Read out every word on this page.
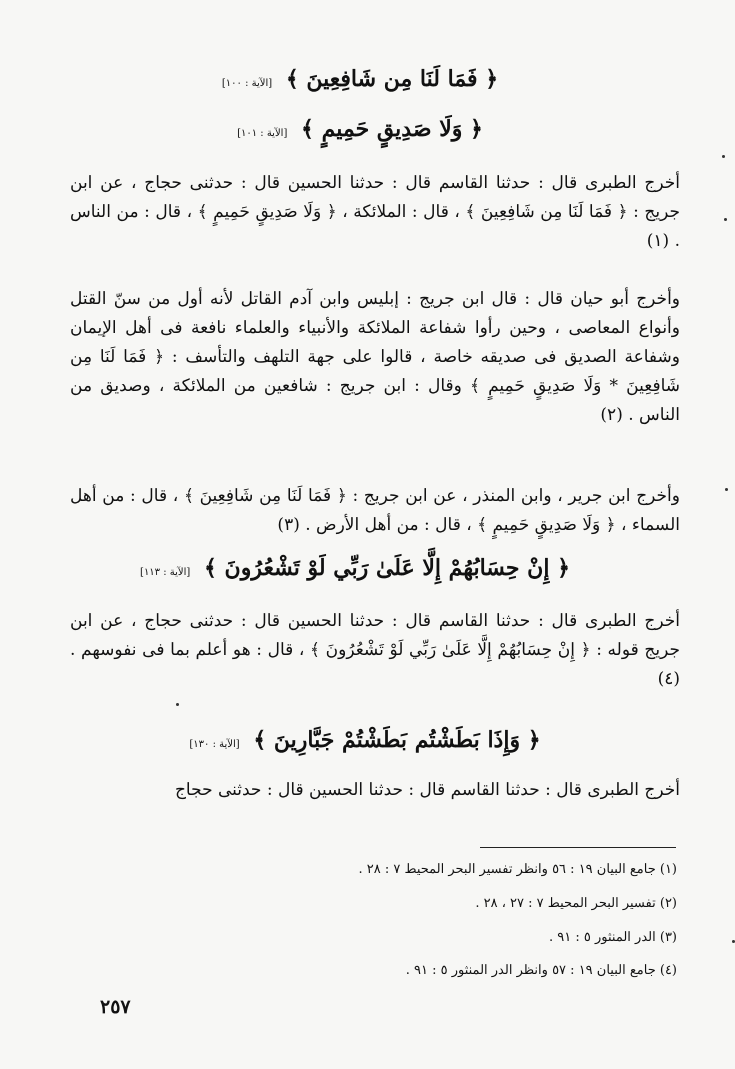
﴿ فَمَا لَنَا مِن شَافِعِينَ ﴾ [الآية : ١٠٠]
﴿ وَلَا صَدِيقٍ حَمِيمٍ ﴾ [الآية : ١٠١]

أخرج الطبرى قال : حدثنا القاسم قال : حدثنا الحسين قال : حدثنى حجاج ، عن ابن جريج : ﴿ فَمَا لَنَا مِن شَافِعِينَ ﴾ ، قال : الملائكة ، ﴿ وَلَا صَدِيقٍ حَمِيمٍ ﴾ ، قال : من الناس . (١)

وأخرج أبو حيان قال : قال ابن جريج : إبليس وابن آدم القاتل لأنه أول من سنّ القتل وأنواع المعاصى ، وحين رأوا شفاعة الملائكة والأنبياء والعلماء نافعة فى أهل الإيمان وشفاعة الصديق فى صديقه خاصة ، قالوا على جهة التلهف والتأسف : ﴿ فَمَا لَنَا مِن شَافِعِينَ * وَلَا صَدِيقٍ حَمِيمٍ ﴾ وقال : ابن جريج : شافعين من الملائكة ، وصديق من الناس . (٢)

وأخرج ابن جرير ، وابن المنذر ، عن ابن جريج : ﴿ فَمَا لَنَا مِن شَافِعِينَ ﴾ ، قال : من أهل السماء ، ﴿ وَلَا صَدِيقٍ حَمِيمٍ ﴾ ، قال : من أهل الأرض . (٣)

﴿ إِنْ حِسَابُهُمْ إِلَّا عَلَىٰ رَبِّي لَوْ تَشْعُرُونَ ﴾ [الآية : ١١٣]

أخرج الطبرى قال : حدثنا القاسم قال : حدثنا الحسين قال : حدثنى حجاج ، عن ابن جريج قوله : ﴿ إِنْ حِسَابُهُمْ إِلَّا عَلَىٰ رَبِّي لَوْ تَشْعُرُونَ ﴾ ، قال : هو أعلم بما فى نفوسهم . (٤)

﴿ وَإِذَا بَطَشْتُم بَطَشْتُمْ جَبَّارِينَ ﴾ [الآية : ١٣٠]

أخرج الطبرى قال : حدثنا القاسم قال : حدثنا الحسين قال : حدثنى حجاج

(١) جامع البيان ١٩ : ٥٦ وانظر تفسير البحر المحيط ٧ : ٢٨ .
(٢) تفسير البحر المحيط ٧ : ٢٧ ، ٢٨ .
(٣) الدر المنثور ٥ : ٩١ .
(٤) جامع البيان ١٩ : ٥٧ وانظر الدر المنثور ٥ : ٩١ .
٢٥٧
